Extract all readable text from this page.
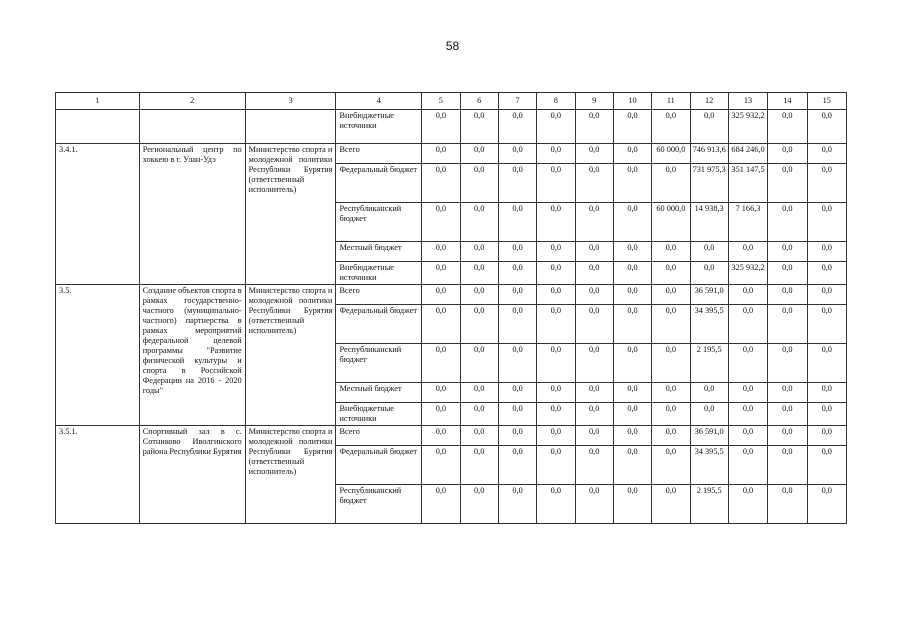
58
1	2	3	4	5	6	7	8	9	10	11	12	13	14	15
			Внебюджетные источники	0,0	0,0	0,0	0,0	0,0	0,0	0,0	0,0	325 932,2	0,0	0,0
3.4.1.	Региональный центр по хоккею в г. Улан-Удэ	Министерство спорта и молодежной политики Республики Бурятия (ответственный исполнитель)	Всего	0,0	0,0	0,0	0,0	0,0	0,0	60 000,0	746 913,6	684 246,0	0,0	0,0
			Федеральный бюджет	0,0	0,0	0,0	0,0	0,0	0,0	0,0	731 975,3	351 147,5	0,0	0,0
			Республиканский бюджет	0,0	0,0	0,0	0,0	0,0	0,0	60 000,0	14 938,3	7 166,3	0,0	0,0
			Местный бюджет	0,0	0,0	0,0	0,0	0,0	0,0	0,0	0,0	0,0	0,0	0,0
			Внебюджетные источники	0,0	0,0	0,0	0,0	0,0	0,0	0,0	0,0	325 932,2	0,0	0,0
3.5.	Создание объектов спорта в рамках государственно-частного (муниципально-частного) партнерства в рамках мероприятий федеральной целевой программы "Развитие физической культуры и спорта в Российской Федерации на 2016 - 2020 годы"	Министерство спорта и молодежной политики Республики Бурятия (ответственный исполнитель)	Всего	0,0	0,0	0,0	0,0	0,0	0,0	0,0	36 591,0	0,0	0,0	0,0
			Федеральный бюджет	0,0	0,0	0,0	0,0	0,0	0,0	0,0	34 395,5	0,0	0,0	0,0
			Республиканский бюджет	0,0	0,0	0,0	0,0	0,0	0,0	0,0	2 195,5	0,0	0,0	0,0
			Местный бюджет	0,0	0,0	0,0	0,0	0,0	0,0	0,0	0,0	0,0	0,0	0,0
			Внебюджетные источники	0,0	0,0	0,0	0,0	0,0	0,0	0,0	0,0	0,0	0,0	0,0
3.5.1.	Спортивный зал в с. Сотниково Иволгинского района Республики Бурятия	Министерство спорта и молодежной политики Республики Бурятия (ответственный исполнитель)	Всего	0,0	0,0	0,0	0,0	0,0	0,0	0,0	36 591,0	0,0	0,0	0,0
			Федеральный бюджет	0,0	0,0	0,0	0,0	0,0	0,0	0,0	34 395,5	0,0	0,0	0,0
			Республиканский бюджет	0,0	0,0	0,0	0,0	0,0	0,0	0,0	2 195,5	0,0	0,0	0,0
